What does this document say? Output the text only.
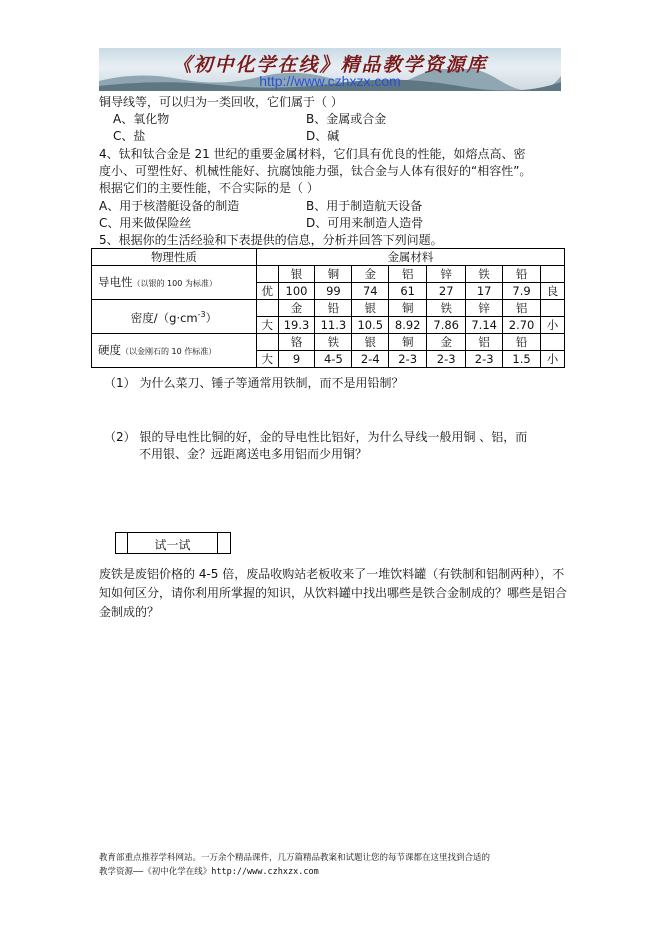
《初中化学在线》精品教学资源库
http://www.czhxzx.com
铜导线等，可以归为一类回收，它们属于（ ）
A、氧化物	B、金属或合金
C、盐	D、碱
4、钛和钛合金是 21 世纪的重要金属材料，它们具有优良的性能，如熔点高、密
度小、可塑性好、机械性能好、抗腐蚀能力强，钛合金与人体有很好的“相容性”。
根据它们的主要性能，不合实际的是（ ）
A、用于核潜艇设备的制造	B、用于制造航天设备
C、用来做保险丝	D、可用来制造人造骨
5、根据你的生活经验和下表提供的信息，分析并回答下列问题。
物理性质	金属材料								
导电性（以银的 100 为标准）		银	铜	金	铝	锌	铁	铅	
	优	100	99	74	61	27	17	7.9	良
密度$/(g\cdot cm^{-3})$		金	铅	银	铜	铁	锌	铝	
	大	19.3	11.3	10.5	8.92	7.86	7.14	2.70	小
硬度（以金刚石的 10 作标准）		铬	铁	银	铜	金	铝	铅	
	大	9	4-5	2-4	2-3	2-3	2-3	1.5	小
（1） 为什么菜刀、锤子等通常用铁制，而不是用铅制？
（2） 银的导电性比铜的好，金的导电性比铝好，为什么导线一般用铜 、铝，而
不用银、金？远距离送电多用铝而少用铜？
试一试
废铁是废铝价格的 4-5 倍，废品收购站老板收来了一堆饮料罐（有铁制和铝制两种），不知如何区分，请你利用所掌握的知识，从饮料罐中找出哪些是铁合金制成的？哪些是铝合金制成的？
教育部重点推荐学科网站。一万余个精品课件，几万篇精品教案和试题让您的每节课都在这里找到合适的
教学资源——《初中化学在线》http://www.czhxzx.com
